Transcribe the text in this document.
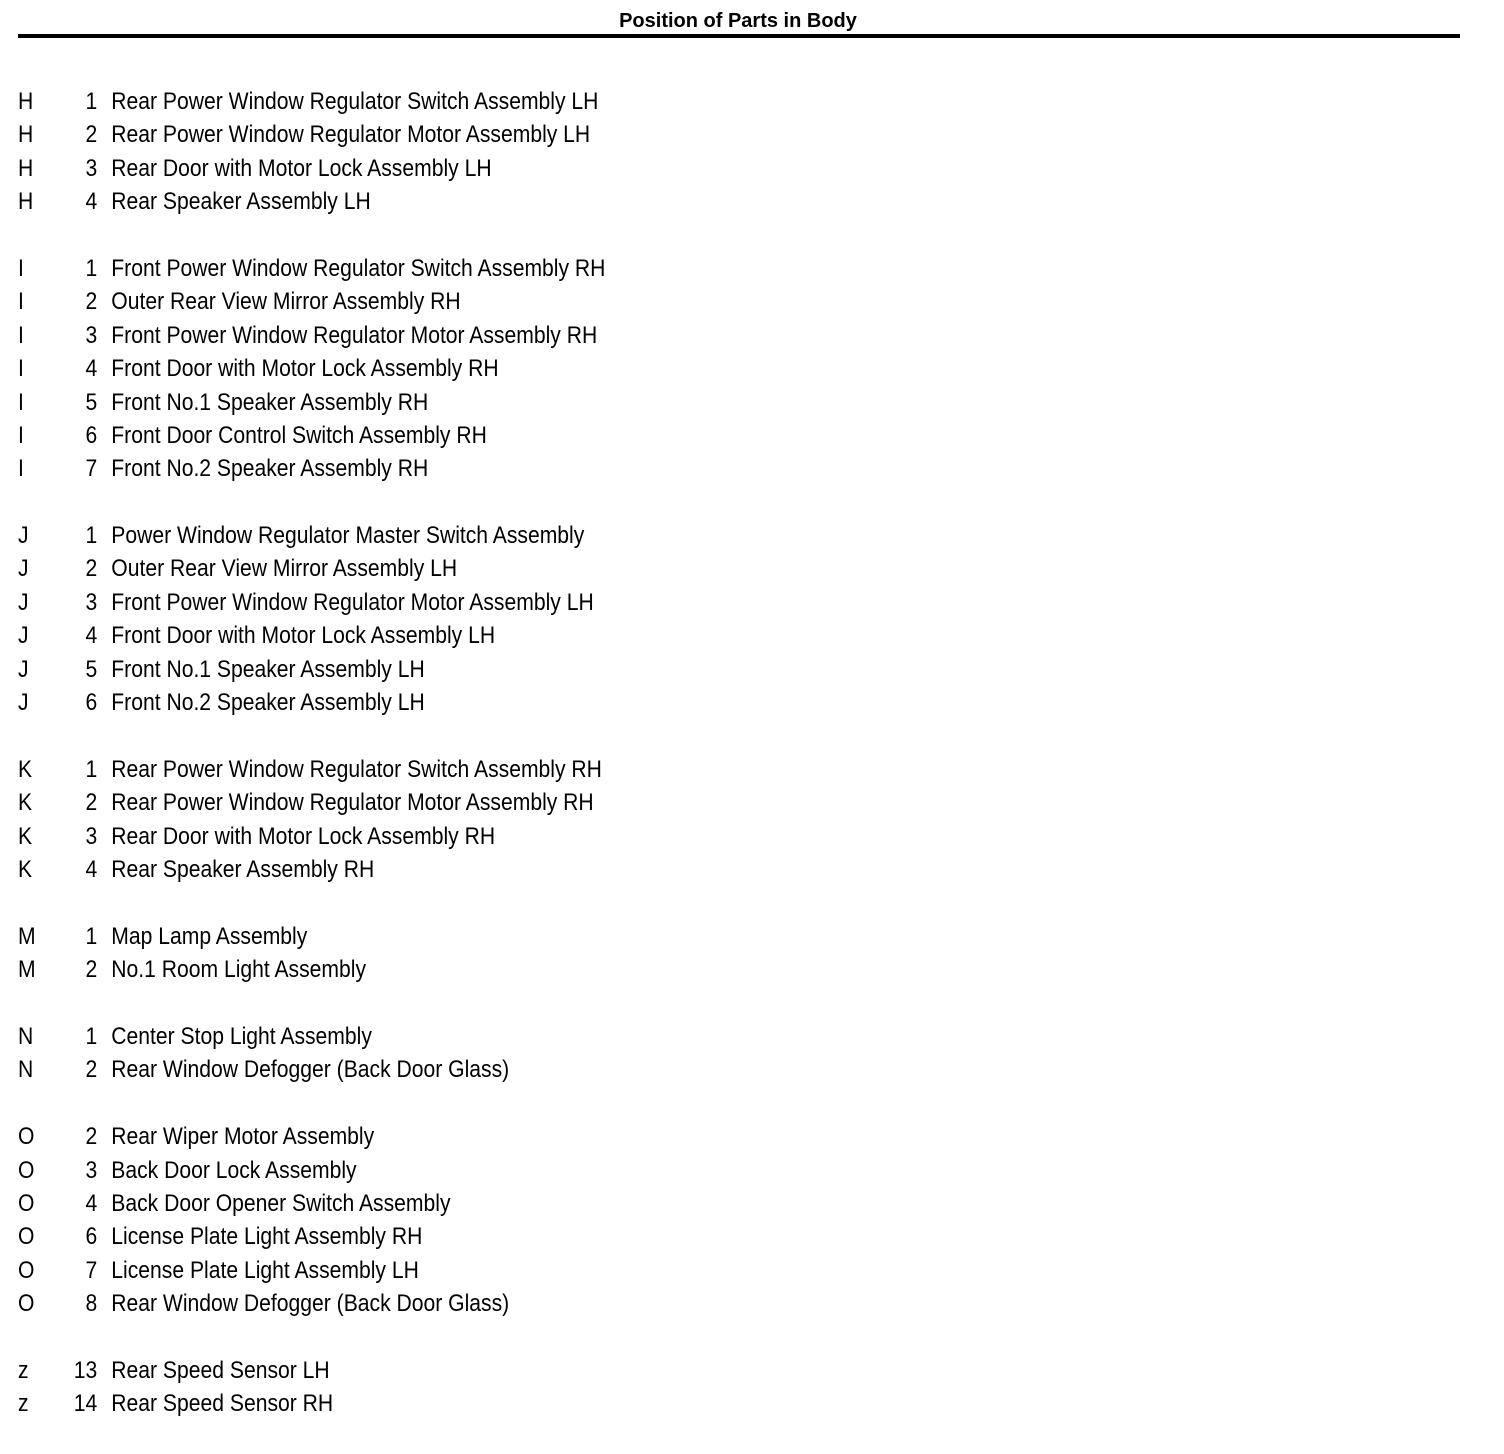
Position of Parts in Body
H	1 Rear Power Window Regulator Switch Assembly LH
H	2 Rear Power Window Regulator Motor Assembly LH
H	3 Rear Door with Motor Lock Assembly LH
H	4 Rear Speaker Assembly LH
I	1 Front Power Window Regulator Switch Assembly RH
I	2 Outer Rear View Mirror Assembly RH
I	3 Front Power Window Regulator Motor Assembly RH
I	4 Front Door with Motor Lock Assembly RH
I	5 Front No.1 Speaker Assembly RH
I	6 Front Door Control Switch Assembly RH
I	7 Front No.2 Speaker Assembly RH
J	1 Power Window Regulator Master Switch Assembly
J	2 Outer Rear View Mirror Assembly LH
J	3 Front Power Window Regulator Motor Assembly LH
J	4 Front Door with Motor Lock Assembly LH
J	5 Front No.1 Speaker Assembly LH
J	6 Front No.2 Speaker Assembly LH
K	1 Rear Power Window Regulator Switch Assembly RH
K	2 Rear Power Window Regulator Motor Assembly RH
K	3 Rear Door with Motor Lock Assembly RH
K	4 Rear Speaker Assembly RH
M	1 Map Lamp Assembly
M	2 No.1 Room Light Assembly
N	1 Center Stop Light Assembly
N	2 Rear Window Defogger (Back Door Glass)
O	2 Rear Wiper Motor Assembly
O	3 Back Door Lock Assembly
O	4 Back Door Opener Switch Assembly
O	6 License Plate Light Assembly RH
O	7 License Plate Light Assembly LH
O	8 Rear Window Defogger (Back Door Glass)
z	13 Rear Speed Sensor LH
z	14 Rear Speed Sensor RH
